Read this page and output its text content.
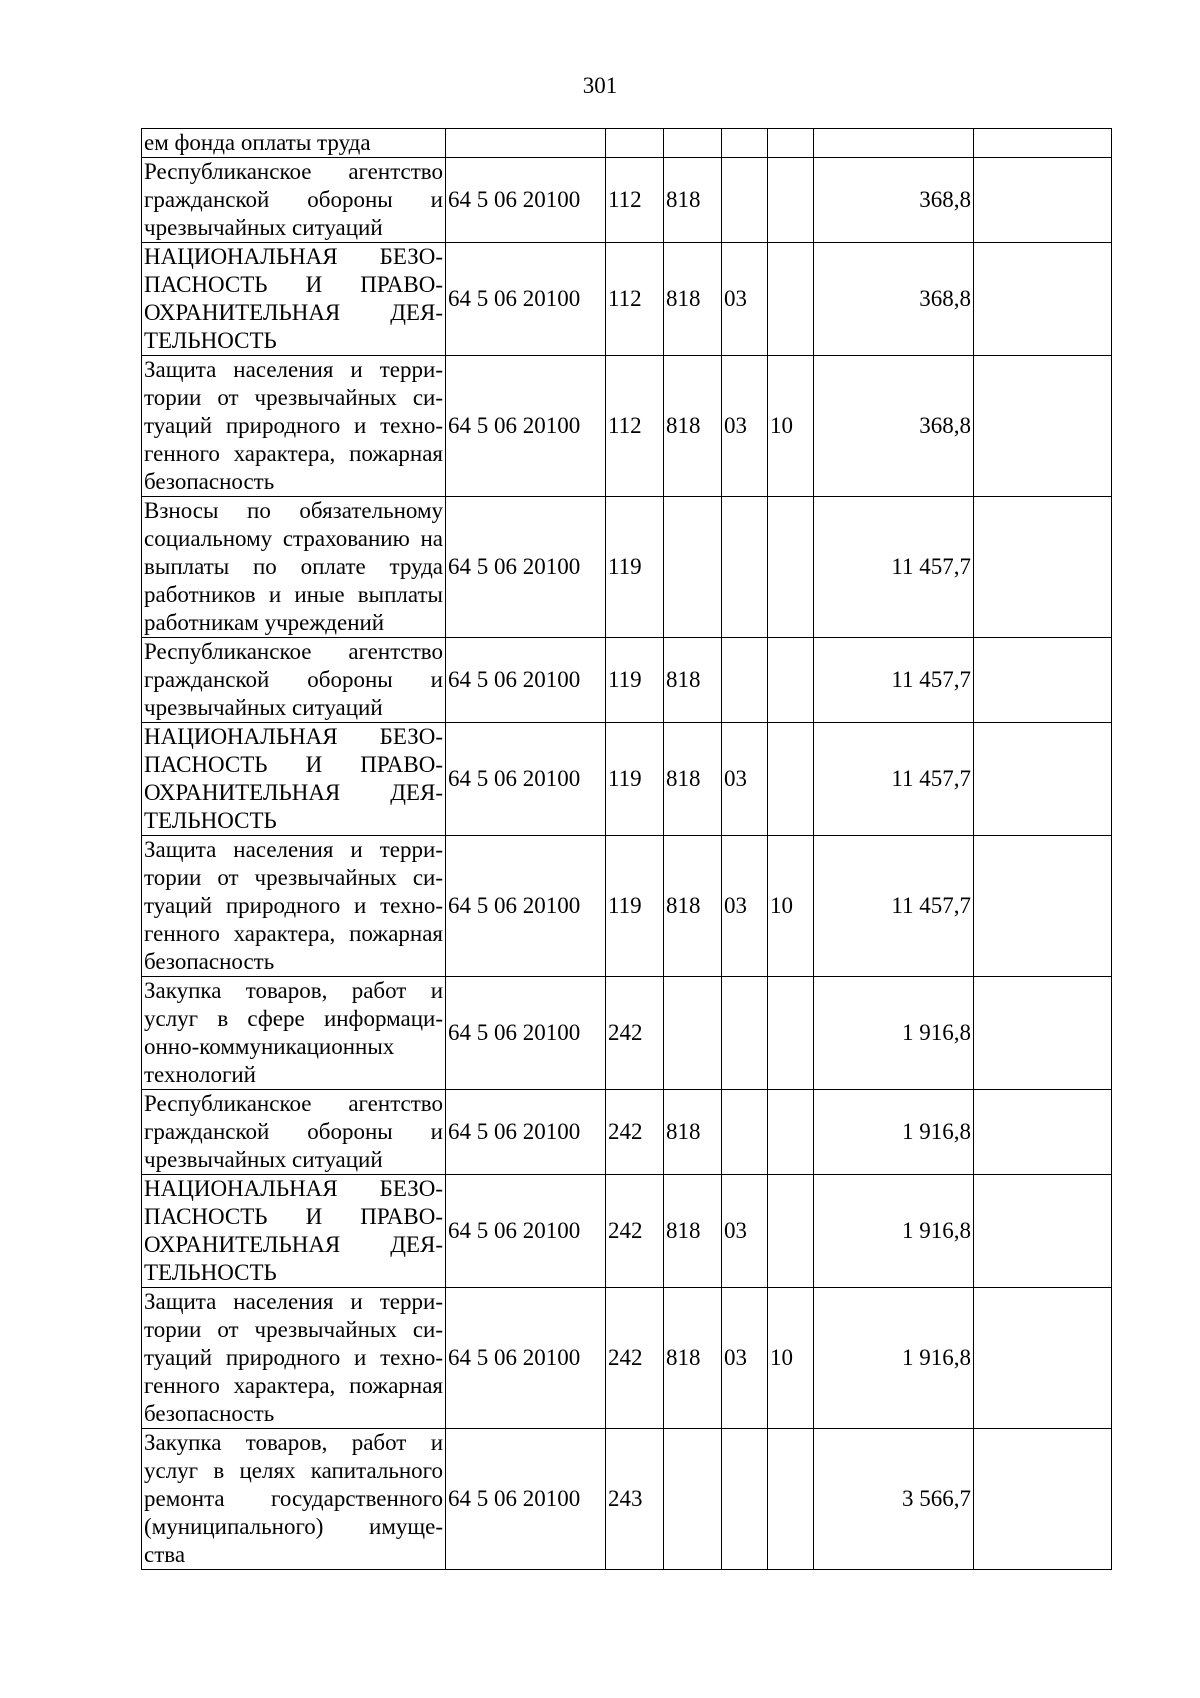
301
ем фонда оплаты труда							
Республиканское агентство гражданской обороны и чрезвычайных ситуаций	64 5 06 20100	112	818			368,8	
НАЦИОНАЛЬНАЯ БЕЗО-ПАСНОСТЬ И ПРАВО-ОХРАНИТЕЛЬНАЯ ДЕЯ-ТЕЛЬНОСТЬ	64 5 06 20100	112	818	03		368,8	
Защита населения и терри-тории от чрезвычайных си-туаций природного и техно-генного характера, пожарная безопасность	64 5 06 20100	112	818	03	10	368,8	
Взносы по обязательному социальному страхованию на выплаты по оплате труда работников и иные выплаты работникам учреждений	64 5 06 20100	119				11 457,7	
Республиканское агентство гражданской обороны и чрезвычайных ситуаций	64 5 06 20100	119	818			11 457,7	
НАЦИОНАЛЬНАЯ БЕЗО-ПАСНОСТЬ И ПРАВО-ОХРАНИТЕЛЬНАЯ ДЕЯ-ТЕЛЬНОСТЬ	64 5 06 20100	119	818	03		11 457,7	
Защита населения и терри-тории от чрезвычайных си-туаций природного и техно-генного характера, пожарная безопасность	64 5 06 20100	119	818	03	10	11 457,7	
Закупка товаров, работ и услуг в сфере информаци-онно-коммуникационных технологий	64 5 06 20100	242				1 916,8	
Республиканское агентство гражданской обороны и чрезвычайных ситуаций	64 5 06 20100	242	818			1 916,8	
НАЦИОНАЛЬНАЯ БЕЗО-ПАСНОСТЬ И ПРАВО-ОХРАНИТЕЛЬНАЯ ДЕЯ-ТЕЛЬНОСТЬ	64 5 06 20100	242	818	03		1 916,8	
Защита населения и терри-тории от чрезвычайных си-туаций природного и техно-генного характера, пожарная безопасность	64 5 06 20100	242	818	03	10	1 916,8	
Закупка товаров, работ и услуг в целях капитального ремонта государственного (муниципального) имуще-ства	64 5 06 20100	243				3 566,7	
